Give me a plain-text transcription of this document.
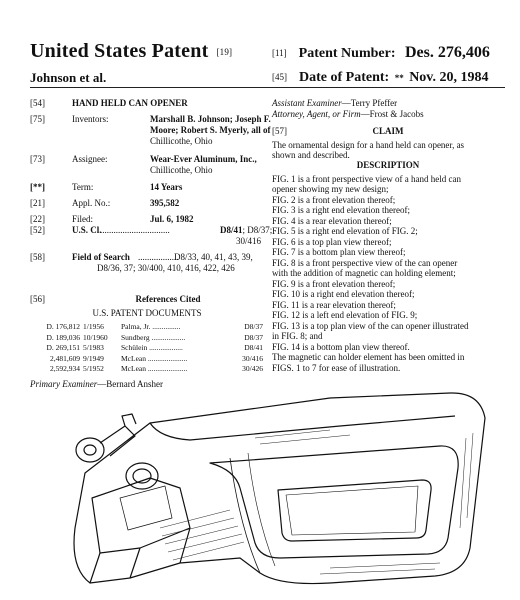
United States Patent [19]
Johnson et al.
[11] Patent Number: Des. 276,406
[45] Date of Patent: ** Nov. 20, 1984
[54]	HAND HELD CAN OPENER
[75]	Inventors:	Marshall B. Johnson; Joseph F.
Moore; Robert S. Myerly, all of
Chillicothe, Ohio
[73]	Assignee:	Wear-Ever Aluminum, Inc.,
Chillicothe, Ohio
[**]	Term:	14 Years
[21]	Appl. No.:	395,582
[22]	Filed:	Jul. 6, 1982
[52]	U.S. Cl.
...............................	D8/41; D8/37;
30/416
[58]	Field of Search ..................
D8/33, 40, 41, 43, 39,
D8/36, 37; 30/400, 410, 416, 422, 426
[56]	References Cited
U.S. PATENT DOCUMENTS
D. 176,812	1/1956	Palma, Jr. ...............	D8/37
D. 189,036	10/1960	Sundberg ..................	D8/37
D. 269,151	5/1983	Schülein ..................	D8/41
2,481,609	9/1949	McLean .....................	30/416
2,592,934	5/1952	McLean .....................	30/426
Primary Examiner—Bernard Ansher
Assistant Examiner—Terry Pfeffer
Attorney, Agent, or Firm—Frost & Jacobs
[57]	CLAIM
The ornamental design for a hand held can opener, as
shown and described.
DESCRIPTION
FIG. 1 is a front perspective view of a hand held can
opener showing my new design;
FIG. 2 is a front elevation thereof;
FIG. 3 is a right end elevation thereof;
FIG. 4 is a rear elevation thereof;
FIG. 5 is a right end elevation of FIG. 2;
FIG. 6 is a top plan view thereof;
FIG. 7 is a bottom plan view thereof;
FIG. 8 is a front perspective view of the can opener
with the addition of magnetic can holding element;
FIG. 9 is a front elevation thereof;
FIG. 10 is a right end elevation thereof;
FIG. 11 is a rear elevation thereof;
FIG. 12 is a left end elevation of FIG. 9;
FIG. 13 is a top plan view of the can opener illustrated
in FIG. 8; and
FIG. 14 is a bottom plan view thereof.
The magnetic can holder element has been omitted in
FIGS. 1 to 7 for ease of illustration.
